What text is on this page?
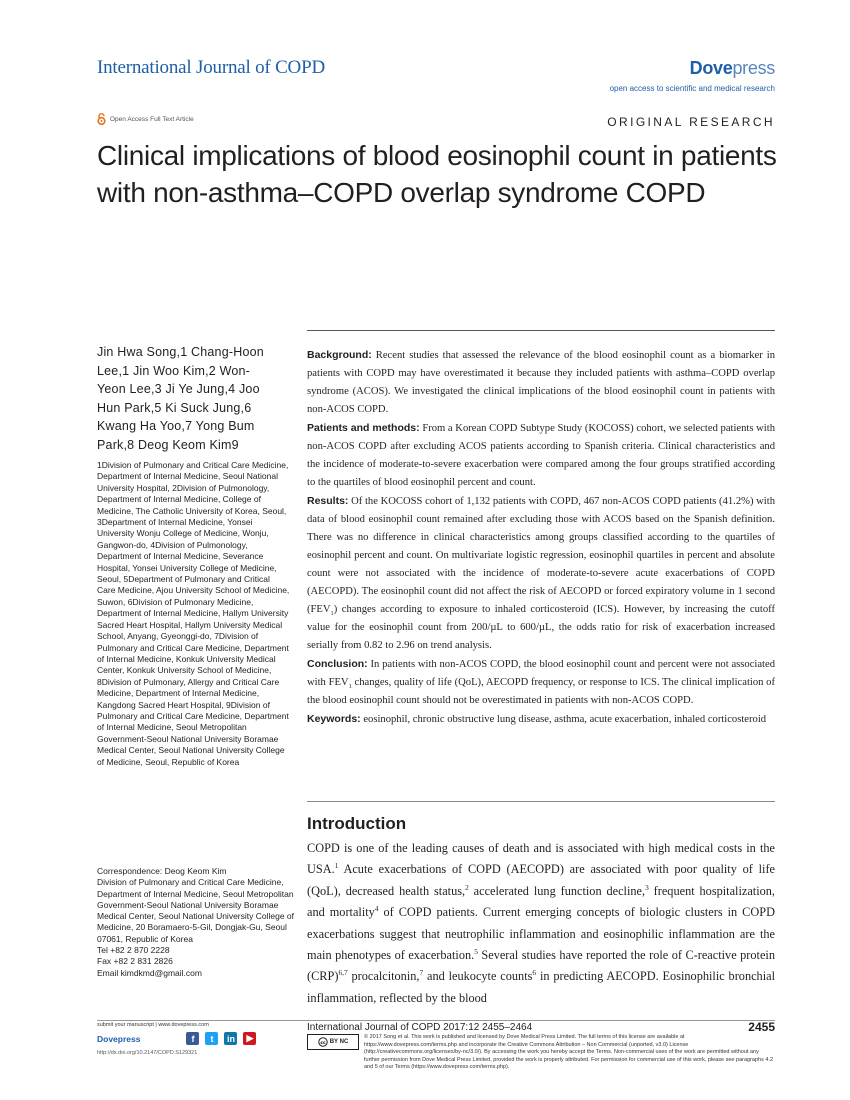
International Journal of COPD	Dovepress
open access to scientific and medical research
Open Access Full Text Article	ORIGINAL RESEARCH
Clinical implications of blood eosinophil count in patients with non-asthma–COPD overlap syndrome COPD
Jin Hwa Song,1 Chang-Hoon Lee,1 Jin Woo Kim,2 Won-Yeon Lee,3 Ji Ye Jung,4 Joo Hun Park,5 Ki Suck Jung,6 Kwang Ha Yoo,7 Yong Bum Park,8 Deog Keom Kim9
1Division of Pulmonary and Critical Care Medicine, Department of Internal Medicine, Seoul National University Hospital, 2Division of Pulmonology, Department of Internal Medicine, College of Medicine, The Catholic University of Korea, Seoul, 3Department of Internal Medicine, Yonsei University Wonju College of Medicine, Wonju, Gangwon-do, 4Division of Pulmonology, Department of Internal Medicine, Severance Hospital, Yonsei University College of Medicine, Seoul, 5Department of Pulmonary and Critical Care Medicine, Ajou University School of Medicine, Suwon, 6Division of Pulmonary Medicine, Department of Internal Medicine, Hallym University Sacred Heart Hospital, Hallym University Medical School, Anyang, Gyeonggi-do, 7Division of Pulmonary and Critical Care Medicine, Department of Internal Medicine, Konkuk University Medical Center, Konkuk University School of Medicine, 8Division of Pulmonary, Allergy and Critical Care Medicine, Department of Internal Medicine, Kangdong Sacred Heart Hospital, 9Division of Pulmonary and Critical Care Medicine, Department of Internal Medicine, Seoul Metropolitan Government-Seoul National University Boramae Medical Center, Seoul National University College of Medicine, Seoul, Republic of Korea
Correspondence: Deog Keom Kim
Division of Pulmonary and Critical Care Medicine, Department of Internal Medicine, Seoul Metropolitan Government-Seoul National University Boramae Medical Center, Seoul National University College of Medicine, 20 Boramaero-5-Gil, Dongjak-Gu, Seoul 07061, Republic of Korea
Tel +82 2 870 2228
Fax +82 2 831 2826
Email kimdkmd@gmail.com

Background: Recent studies that assessed the relevance of the blood eosinophil count as a biomarker in patients with COPD may have overestimated it because they included patients with asthma–COPD overlap syndrome (ACOS). We investigated the clinical implications of the blood eosinophil count in patients with non-ACOS COPD.

Patients and methods: From a Korean COPD Subtype Study (KOCOSS) cohort, we selected patients with non-ACOS COPD after excluding ACOS patients according to Spanish criteria. Clinical characteristics and the incidence of moderate-to-severe exacerbation were compared among the four groups stratified according to the quartiles of blood eosinophil percent and count.

Results: Of the KOCOSS cohort of 1,132 patients with COPD, 467 non-ACOS COPD patients (41.2%) with data of blood eosinophil count remained after excluding those with ACOS based on the Spanish definition. There was no difference in clinical characteristics among groups classified according to the quartiles of eosinophil percent and count. On multivariate logistic regression, eosinophil quartiles in percent and absolute count were not associated with the incidence of moderate-to-severe acute exacerbations of COPD (AECOPD). The eosinophil count did not affect the risk of AECOPD or forced expiratory volume in 1 second $(FEV_1)$ changes according to exposure to inhaled corticosteroid (ICS). However, by increasing the cutoff value for the eosinophil count from 200/µL to 600/µL, the odds ratio for risk of exacerbation increased serially from 0.82 to 2.96 on trend analysis.

Conclusion: In patients with non-ACOS COPD, the blood eosinophil count and percent were not associated with $FEV_1$ changes, quality of life (QoL), AECOPD frequency, or response to ICS. The clinical implication of the blood eosinophil count should not be overestimated in patients with non-ACOS COPD.

Keywords: eosinophil, chronic obstructive lung disease, asthma, acute exacerbation, inhaled corticosteroid

Introduction
COPD is one of the leading causes of death and is associated with high medical costs in the USA.$^1$ Acute exacerbations of COPD (AECOPD) are associated with poor quality of life (QoL), decreased health status,$^2$ accelerated lung function decline,$^3$ frequent hospitalization, and mortality$^4$ of COPD patients. Current emerging concepts of biologic clusters in COPD exacerbations suggest that neutrophilic inflammation and eosinophilic inflammation are the main phenotypes of exacerbation.$^5$ Several studies have reported the role of C-reactive protein (CRP)$^{6,7}$ procalcitonin,$^7$ and leukocyte counts$^6$ in predicting AECOPD. Eosinophilic bronchial inflammation, reflected by the blood
submit your manuscript | www.dovepress.com
Dovepress	f	t	in	▶
http://dx.doi.org/10.2147/COPD.S129321
International Journal of COPD 2017:12 2455–2464	2455
cc BY NC
© 2017 Song et al. This work is published and licensed by Dove Medical Press Limited. The full terms of this license are available at https://www.dovepress.com/terms.php and incorporate the Creative Commons Attribution – Non Commercial (unported, v3.0) License (http://creativecommons.org/licenses/by-nc/3.0/). By accessing the work you hereby accept the Terms. Non-commercial uses of the work are permitted without any further permission from Dove Medical Press Limited, provided the work is properly attributed. For permission for commercial use of this work, please see paragraphs 4.2 and 5 of our Terms (https://www.dovepress.com/terms.php).
